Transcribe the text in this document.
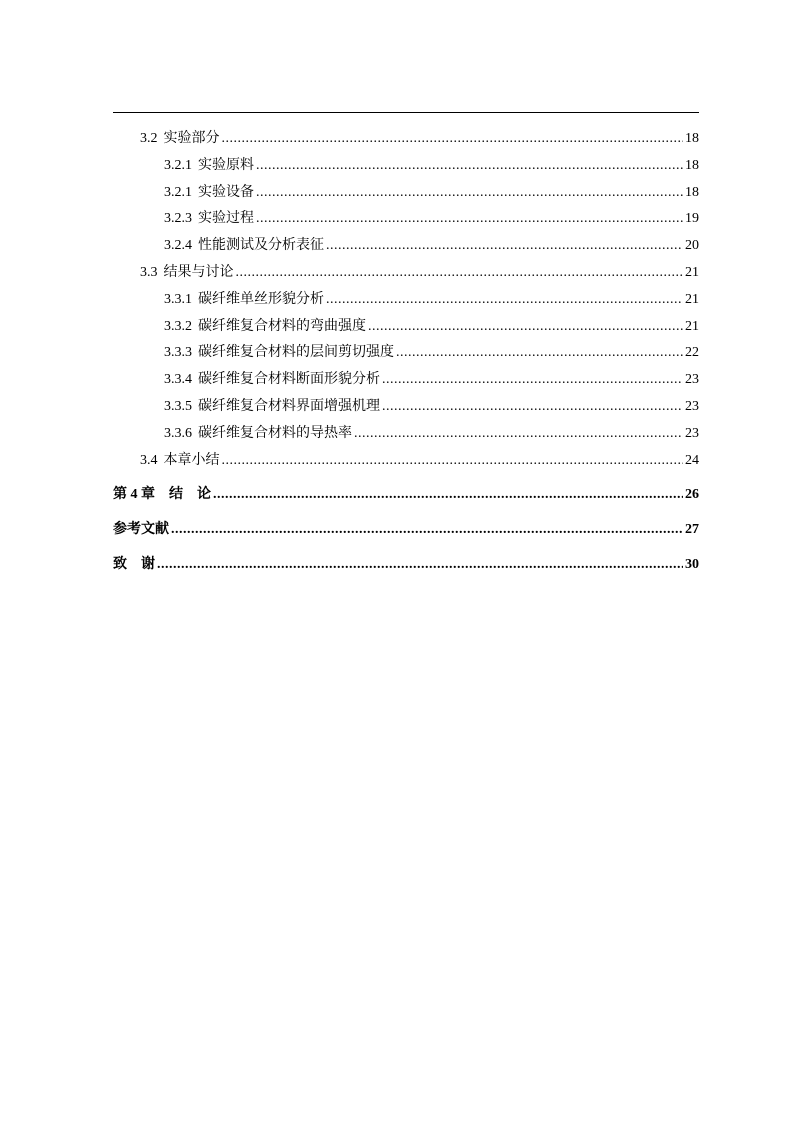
3.2 实验部分 .....	18
3.2.1 实验原料 .....	18
3.2.1 实验设备 .....	18
3.2.3 实验过程 .....	19
3.2.4 性能测试及分析表征 .....	20
3.3 结果与讨论 .....	21
3.3.1 碳纤维单丝形貌分析 .....	21
3.3.2 碳纤维复合材料的弯曲强度 .....	21
3.3.3 碳纤维复合材料的层间剪切强度 .....	22
3.3.4 碳纤维复合材料断面形貌分析 .....	23
3.3.5 碳纤维复合材料界面增强机理 .....	23
3.3.6 碳纤维复合材料的导热率 .....	23
3.4 本章小结 .....	24
第 4 章　结　论 .....	26
参考文献 .....	27
致　谢 .....	30
